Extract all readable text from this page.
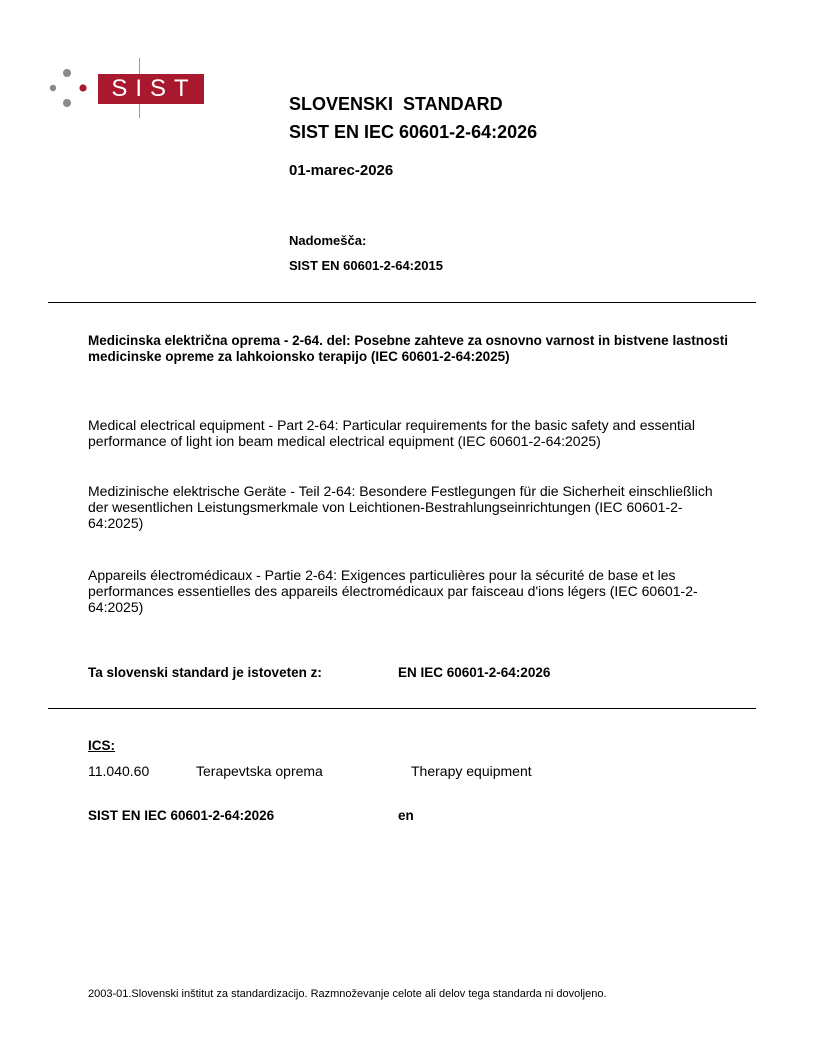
SIST
SLOVENSKI  STANDARD
SIST EN IEC 60601-2-64:2026
01-marec-2026
Nadomešča:
SIST EN 60601-2-64:2015
Medicinska električna oprema - 2-64. del: Posebne zahteve za osnovno varnost in bistvene lastnosti medicinske opreme za lahkoionsko terapijo (IEC 60601-2-64:2025)
Medical electrical equipment - Part 2-64: Particular requirements for the basic safety and essential performance of light ion beam medical electrical equipment (IEC 60601-2-64:2025)
Medizinische elektrische Geräte - Teil 2-64: Besondere Festlegungen für die Sicherheit einschließlich der wesentlichen Leistungsmerkmale von Leichtionen-Bestrahlungseinrichtungen (IEC 60601-2-64:2025)
Appareils électromédicaux - Partie 2-64: Exigences particulières pour la sécurité de base et les performances essentielles des appareils électromédicaux par faisceau d'ions légers (IEC 60601-2-64:2025)
Ta slovenski standard je istoveten z:	EN IEC 60601-2-64:2026
ICS:
11.040.60	Terapevtska oprema	Therapy equipment
SIST EN IEC 60601-2-64:2026	en
2003-01.Slovenski inštitut za standardizacijo. Razmnoževanje celote ali delov tega standarda ni dovoljeno.
